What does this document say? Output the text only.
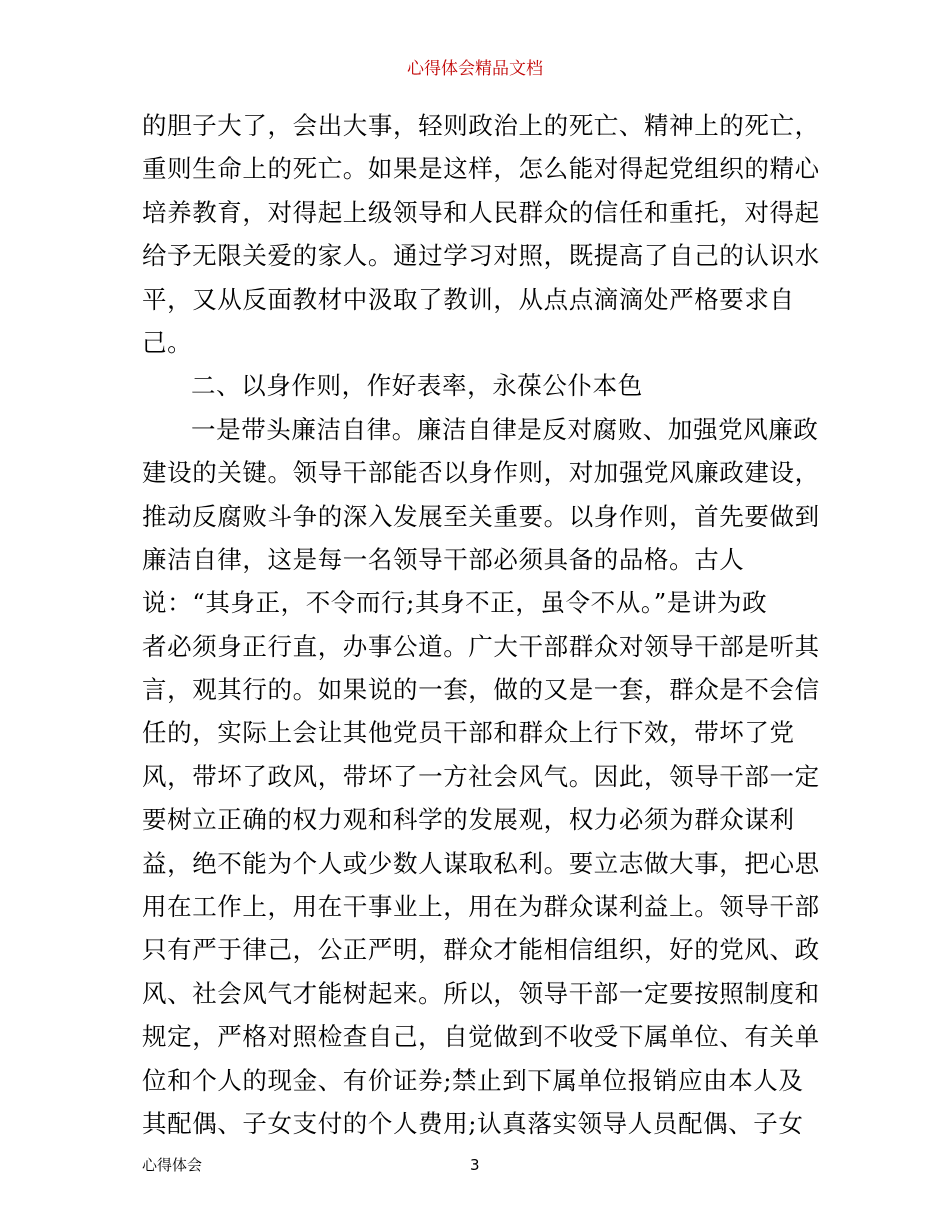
心得体会精品文档
的胆子大了，会出大事，轻则政治上的死亡、精神上的死亡，
重则生命上的死亡。如果是这样，怎么能对得起党组织的精心
培养教育，对得起上级领导和人民群众的信任和重托，对得起
给予无限关爱的家人。通过学习对照，既提高了自己的认识水
平，又从反面教材中汲取了教训，从点点滴滴处严格要求自
己。
二、以身作则，作好表率，永葆公仆本色
一是带头廉洁自律。廉洁自律是反对腐败、加强党风廉政
建设的关键。领导干部能否以身作则，对加强党风廉政建设，
推动反腐败斗争的深入发展至关重要。以身作则，首先要做到
廉洁自律，这是每一名领导干部必须具备的品格。古人
说：“其身正，不令而行;其身不正，虽令不从。”是讲为政
者必须身正行直，办事公道。广大干部群众对领导干部是听其
言，观其行的。如果说的一套，做的又是一套，群众是不会信
任的，实际上会让其他党员干部和群众上行下效，带坏了党
风，带坏了政风，带坏了一方社会风气。因此，领导干部一定
要树立正确的权力观和科学的发展观，权力必须为群众谋利
益，绝不能为个人或少数人谋取私利。要立志做大事，把心思
用在工作上，用在干事业上，用在为群众谋利益上。领导干部
只有严于律己，公正严明，群众才能相信组织，好的党风、政
风、社会风气才能树起来。所以，领导干部一定要按照制度和
规定，严格对照检查自己，自觉做到不收受下属单位、有关单
位和个人的现金、有价证券;禁止到下属单位报销应由本人及
其配偶、子女支付的个人费用;认真落实领导人员配偶、子女
心得体会	3
